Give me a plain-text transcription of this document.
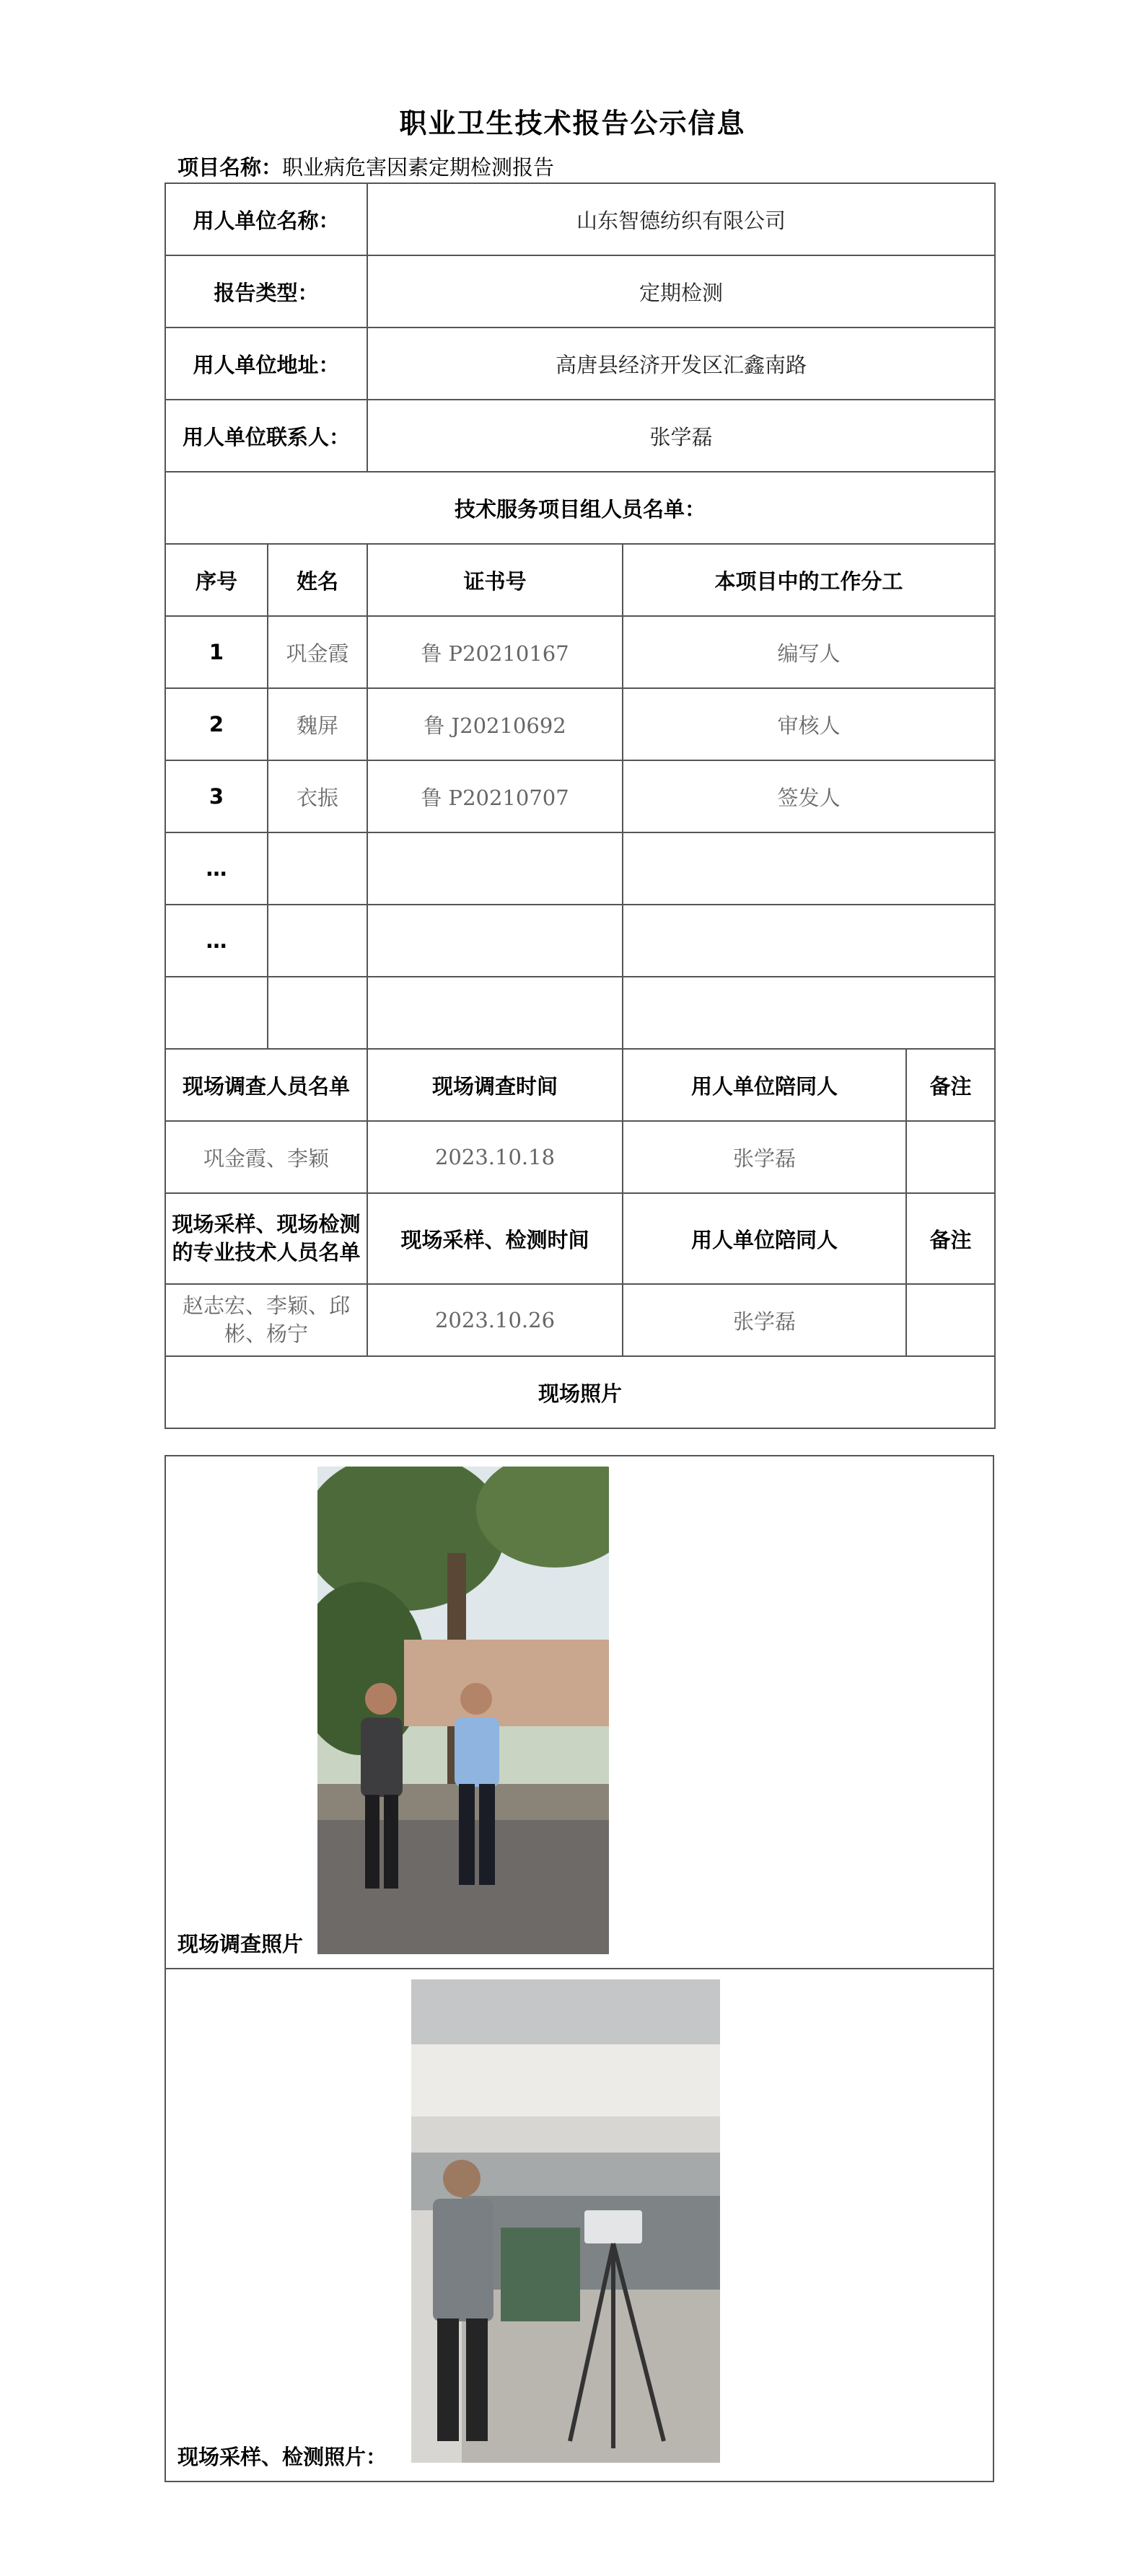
职业卫生技术报告公示信息
项目名称：职业病危害因素定期检测报告
用人单位名称：		山东智德纺织有限公司		
报告类型：		定期检测		
用人单位地址：		高唐县经济开发区汇鑫南路		
用人单位联系人：		张学磊		
技术服务项目组人员名单：				
序号	姓名	证书号	本项目中的工作分工	
1	巩金霞	鲁 P20210167	编写人	
2	魏屏	鲁 J20210692	审核人	
3	衣振	鲁 P20210707	签发人	
…				
…				

现场调查人员名单		现场调查时间	用人单位陪同人	备注
巩金霞、李颖		2023.10.18	张学磊	
现场采样、现场检测的专业技术人员名单		现场采样、检测时间	用人单位陪同人	备注
赵志宏、李颖、邱彬、杨宁		2023.10.26	张学磊	
现场照片				
现场调查照片

现场采样、检测照片：
